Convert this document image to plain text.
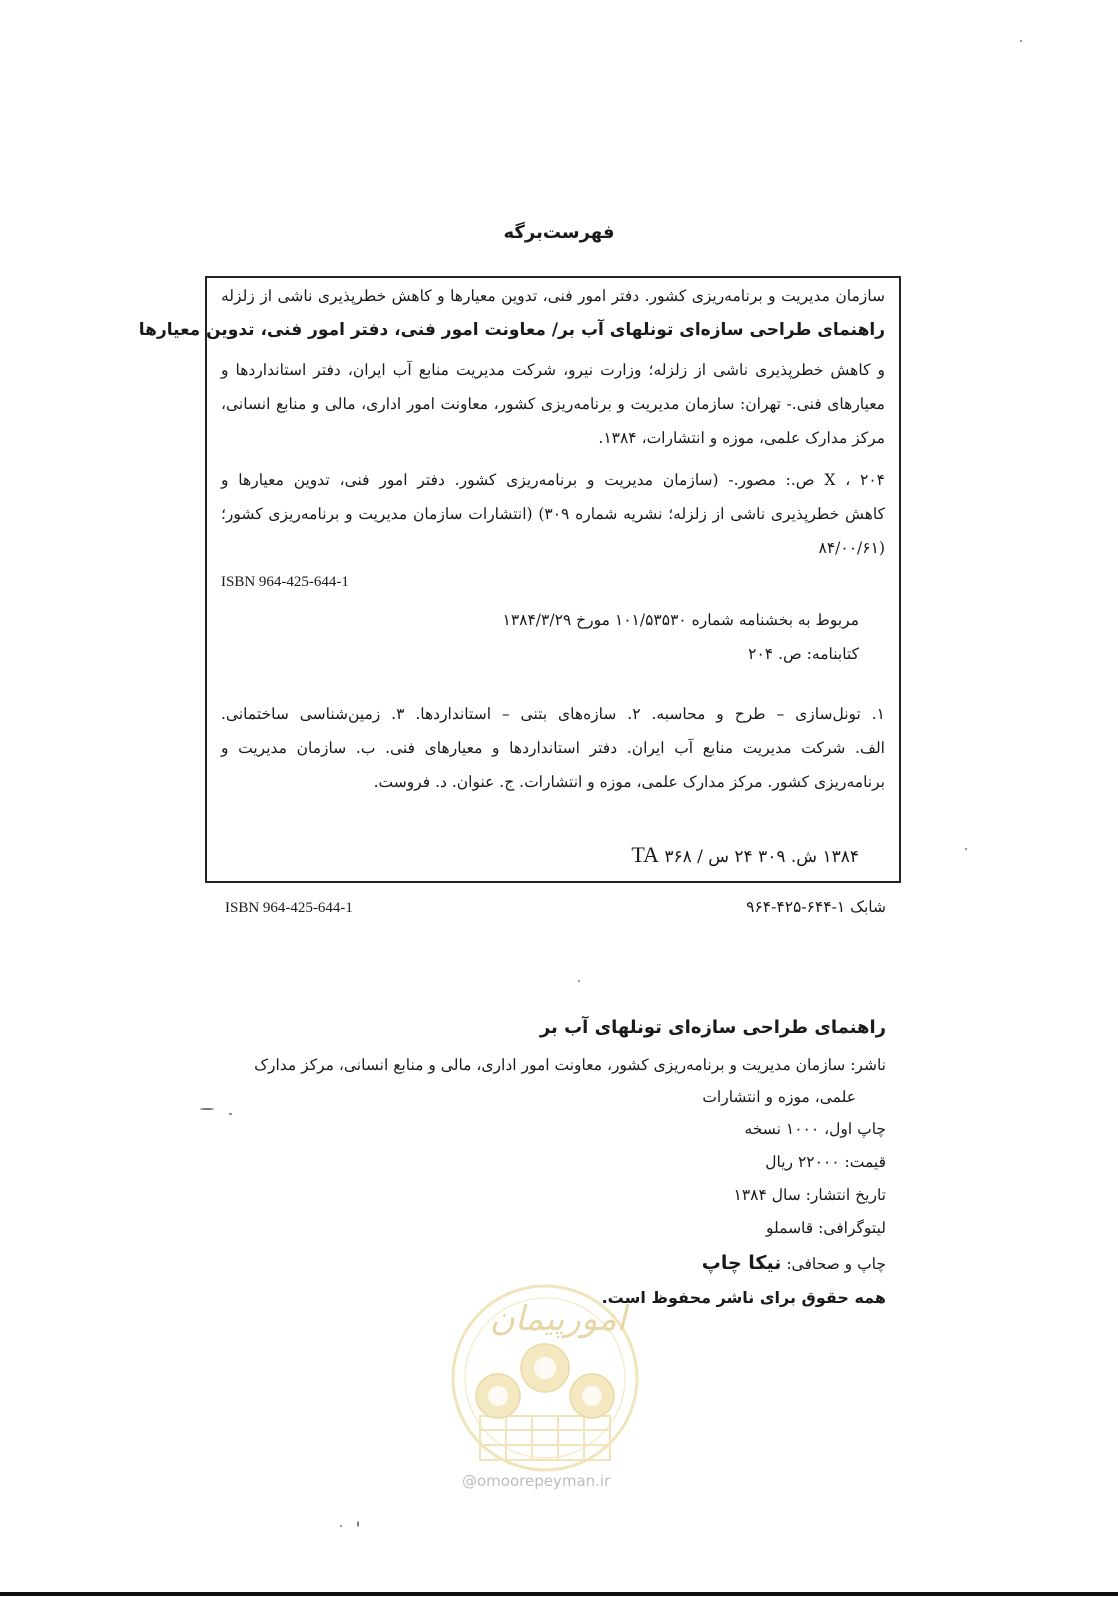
فهرست‌برگه
سازمان مدیریت و برنامه‌ریزی کشور. دفتر امور فنی، تدوین معیارها و کاهش خطرپذیری ناشی از زلزله
راهنمای طراحی سازه‌ای تونلهای آب بر/ معاونت امور فنی، دفتر امور فنی، تدوین معیارها
و کاهش خطرپذیری ناشی از زلزله؛ وزارت نیرو، شرکت مدیریت منابع آب ایران، دفتر استانداردها و
معیارهای فنی.- تهران: سازمان مدیریت و برنامه‌ریزی کشور، معاونت امور اداری، مالی و منابع انسانی،
مرکز مدارک علمی، موزه و انتشارات، ۱۳۸۴.
X ، ۲۰۴ ص.: مصور.- (سازمان مدیریت و برنامه‌ریزی کشور. دفتر امور فنی، تدوین معیارها و
کاهش خطرپذیری ناشی از زلزله؛ نشریه شماره ۳۰۹) (انتشارات سازمان مدیریت و برنامه‌ریزی کشور؛
(۸۴/۰۰/۶۱
ISBN 964-425-644-1
مربوط به بخشنامه شماره ۱۰۱/۵۳۵۳۰ مورخ ۱۳۸۴/۳/۲۹
کتابنامه: ص. ۲۰۴
۱. تونل‌سازی – طرح و محاسبه. ۲. سازه‌های بتنی – استانداردها. ۳. زمین‌شناسی ساختمانی.
الف. شرکت مدیریت منابع آب ایران. دفتر استانداردها و معیارهای فنی. ب. سازمان مدیریت و
برنامه‌ریزی کشور. مرکز مدارک علمی، موزه و انتشارات. ج. عنوان. د. فروست.
۱۳۸۴ ش. ۳۰۹ ۲۴ س / ۳۶۸ TA
ISBN 964-425-644-1	شابک ۱-۶۴۴-۴۲۵-۹۶۴
راهنمای طراحی سازه‌ای تونلهای آب بر
ناشر: سازمان مدیریت و برنامه‌ریزی کشور، معاونت امور اداری، مالی و منابع انسانی، مرکز مدارک
علمی، موزه و انتشارات
چاپ اول، ۱۰۰۰ نسخه
قیمت: ۲۲۰۰۰ ریال
تاریخ انتشار: سال ۱۳۸۴
لیتوگرافی: قاسملو
چاپ و صحافی: نیکا چاپ
همه حقوق برای ناشر محفوظ است.
امورپیمان
@omoorepeyman.ir
